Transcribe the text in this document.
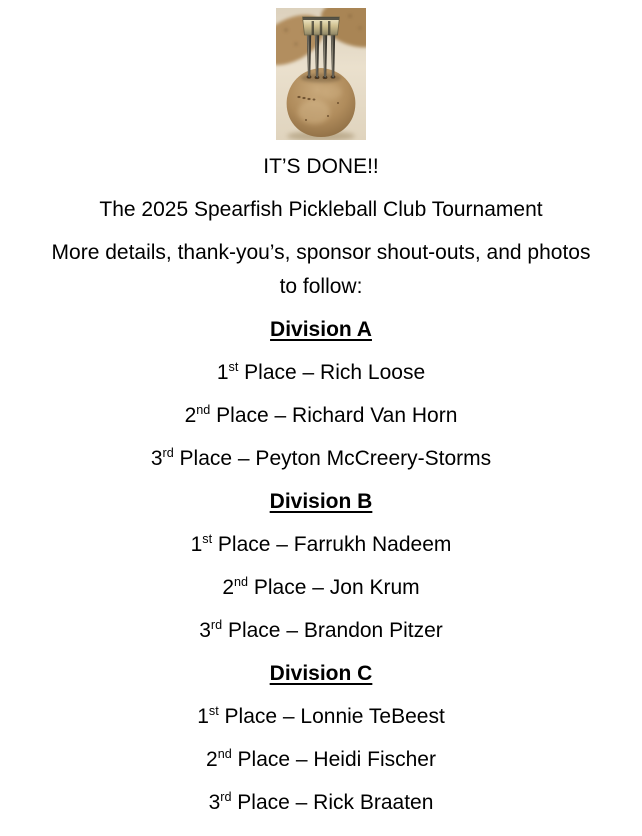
IT’S DONE!!

The 2025 Spearfish Pickleball Club Tournament

More details, thank-you’s, sponsor shout-outs, and photos
to follow:

Division A

1st Place – Rich Loose

2nd Place – Richard Van Horn

3rd Place – Peyton McCreery-Storms

Division B

1st Place – Farrukh Nadeem

2nd Place – Jon Krum

3rd Place – Brandon Pitzer

Division C

1st Place – Lonnie TeBeest

2nd Place – Heidi Fischer

3rd Place – Rick Braaten
